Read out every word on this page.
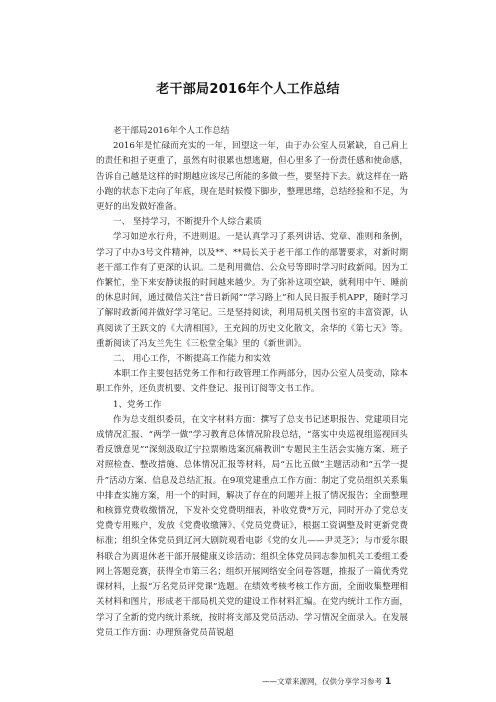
老干部局2016年个人工作总结

老干部局2016年个人工作总结

2016年是忙碌而充实的一年，回望这一年，由于办公室人员紧缺，自己肩上的责任和担子更重了，虽然有时很累也想逃避，但心里多了一份责任感和使命感，告诉自己越是这样的时期越应该尽己所能的多做一些，要坚持下去。就这样在一路小跑的状态下走向了年底，现在是时候慢下脚步，整理思绪，总结经验和不足，为更好的出发做好准备。

一、 坚持学习，不断提升个人综合素质

学习如逆水行舟，不进则退。一是认真学习了系列讲话、党章、准则和条例，学习了中办3号文件精神，以及**、**局长关于老干部工作的部署要求，对新时期老干部工作有了更深的认识。二是利用微信、公众号等即时学习时政新闻。因为工作繁忙，坐下来安静读报的时间越来越少。为了弥补这项空缺，就利用中午、睡前的休息时间，通过微信关注“昔日新闻”“学习路上”和人民日报手机APP，随时学习了解时政新闻并做好学习笔记。三是坚持阅读，利用局机关图书室的丰富资源，认真阅读了王跃文的《大清相国》，王充闾的历史文化散文，余华的《第七天》等。重新阅读了冯友兰先生《三松堂全集》里的《新世训》。

二、 用心工作，不断提高工作能力和实效

本职工作主要包括党务工作和行政管理工作两部分，因办公室人员变动，除本职工作外，还负责机要、文件登记、报刊订阅等文书工作。

1、党务工作

作为总支组织委员，在文字材料方面：撰写了总支书记述职报告、党建项目完成情况汇报、“两学一做”学习教育总体情况阶段总结，“落实中央巡视组巡视回头看反馈意见”“深刻汲取辽宁拉票贿选案沉痛教训”专题民主生活会实施方案、班子对照检查、整改措施、总体情况汇报等材料，局“五比五做”主题活动和“五学一提升”活动方案、信息及总结汇报。在9项党建重点工作方面：制定了党员组织关系集中排查实施方案，用一个的时间，解决了存在的问题并上报了情况报告；全面整理和核算党费收缴情况，下发补交党费明细表，补收党费*万元，同时开办了党总支党费专用账户，发放《党费收缴簿》、《党员党费证》，根据工资调整及时更新党费标准；组织全体党员到辽河大剧院观看电影《党的女儿——尹灵芝》；与市爱尔眼科联合为离退休老干部开展健康义诊活动；组织全体党员同志参加机关工委组工委网上答题竞赛，获得全市第三名；组织开展网络安全问卷答题，推报了一篇优秀党课材料，上报“万名党员评党课”选题。在绩效考核考核工作方面，全面收集整理相关材料和图片，形成老干部局机关党的建设工作材料汇编。在党内统计工作方面，学习了全新的党内统计系统，按时将支部及党员活动、学习情况全面录入。在发展党员工作方面：办理预备党员苗锐超

——文章来源网，仅供分享学习参考 1
